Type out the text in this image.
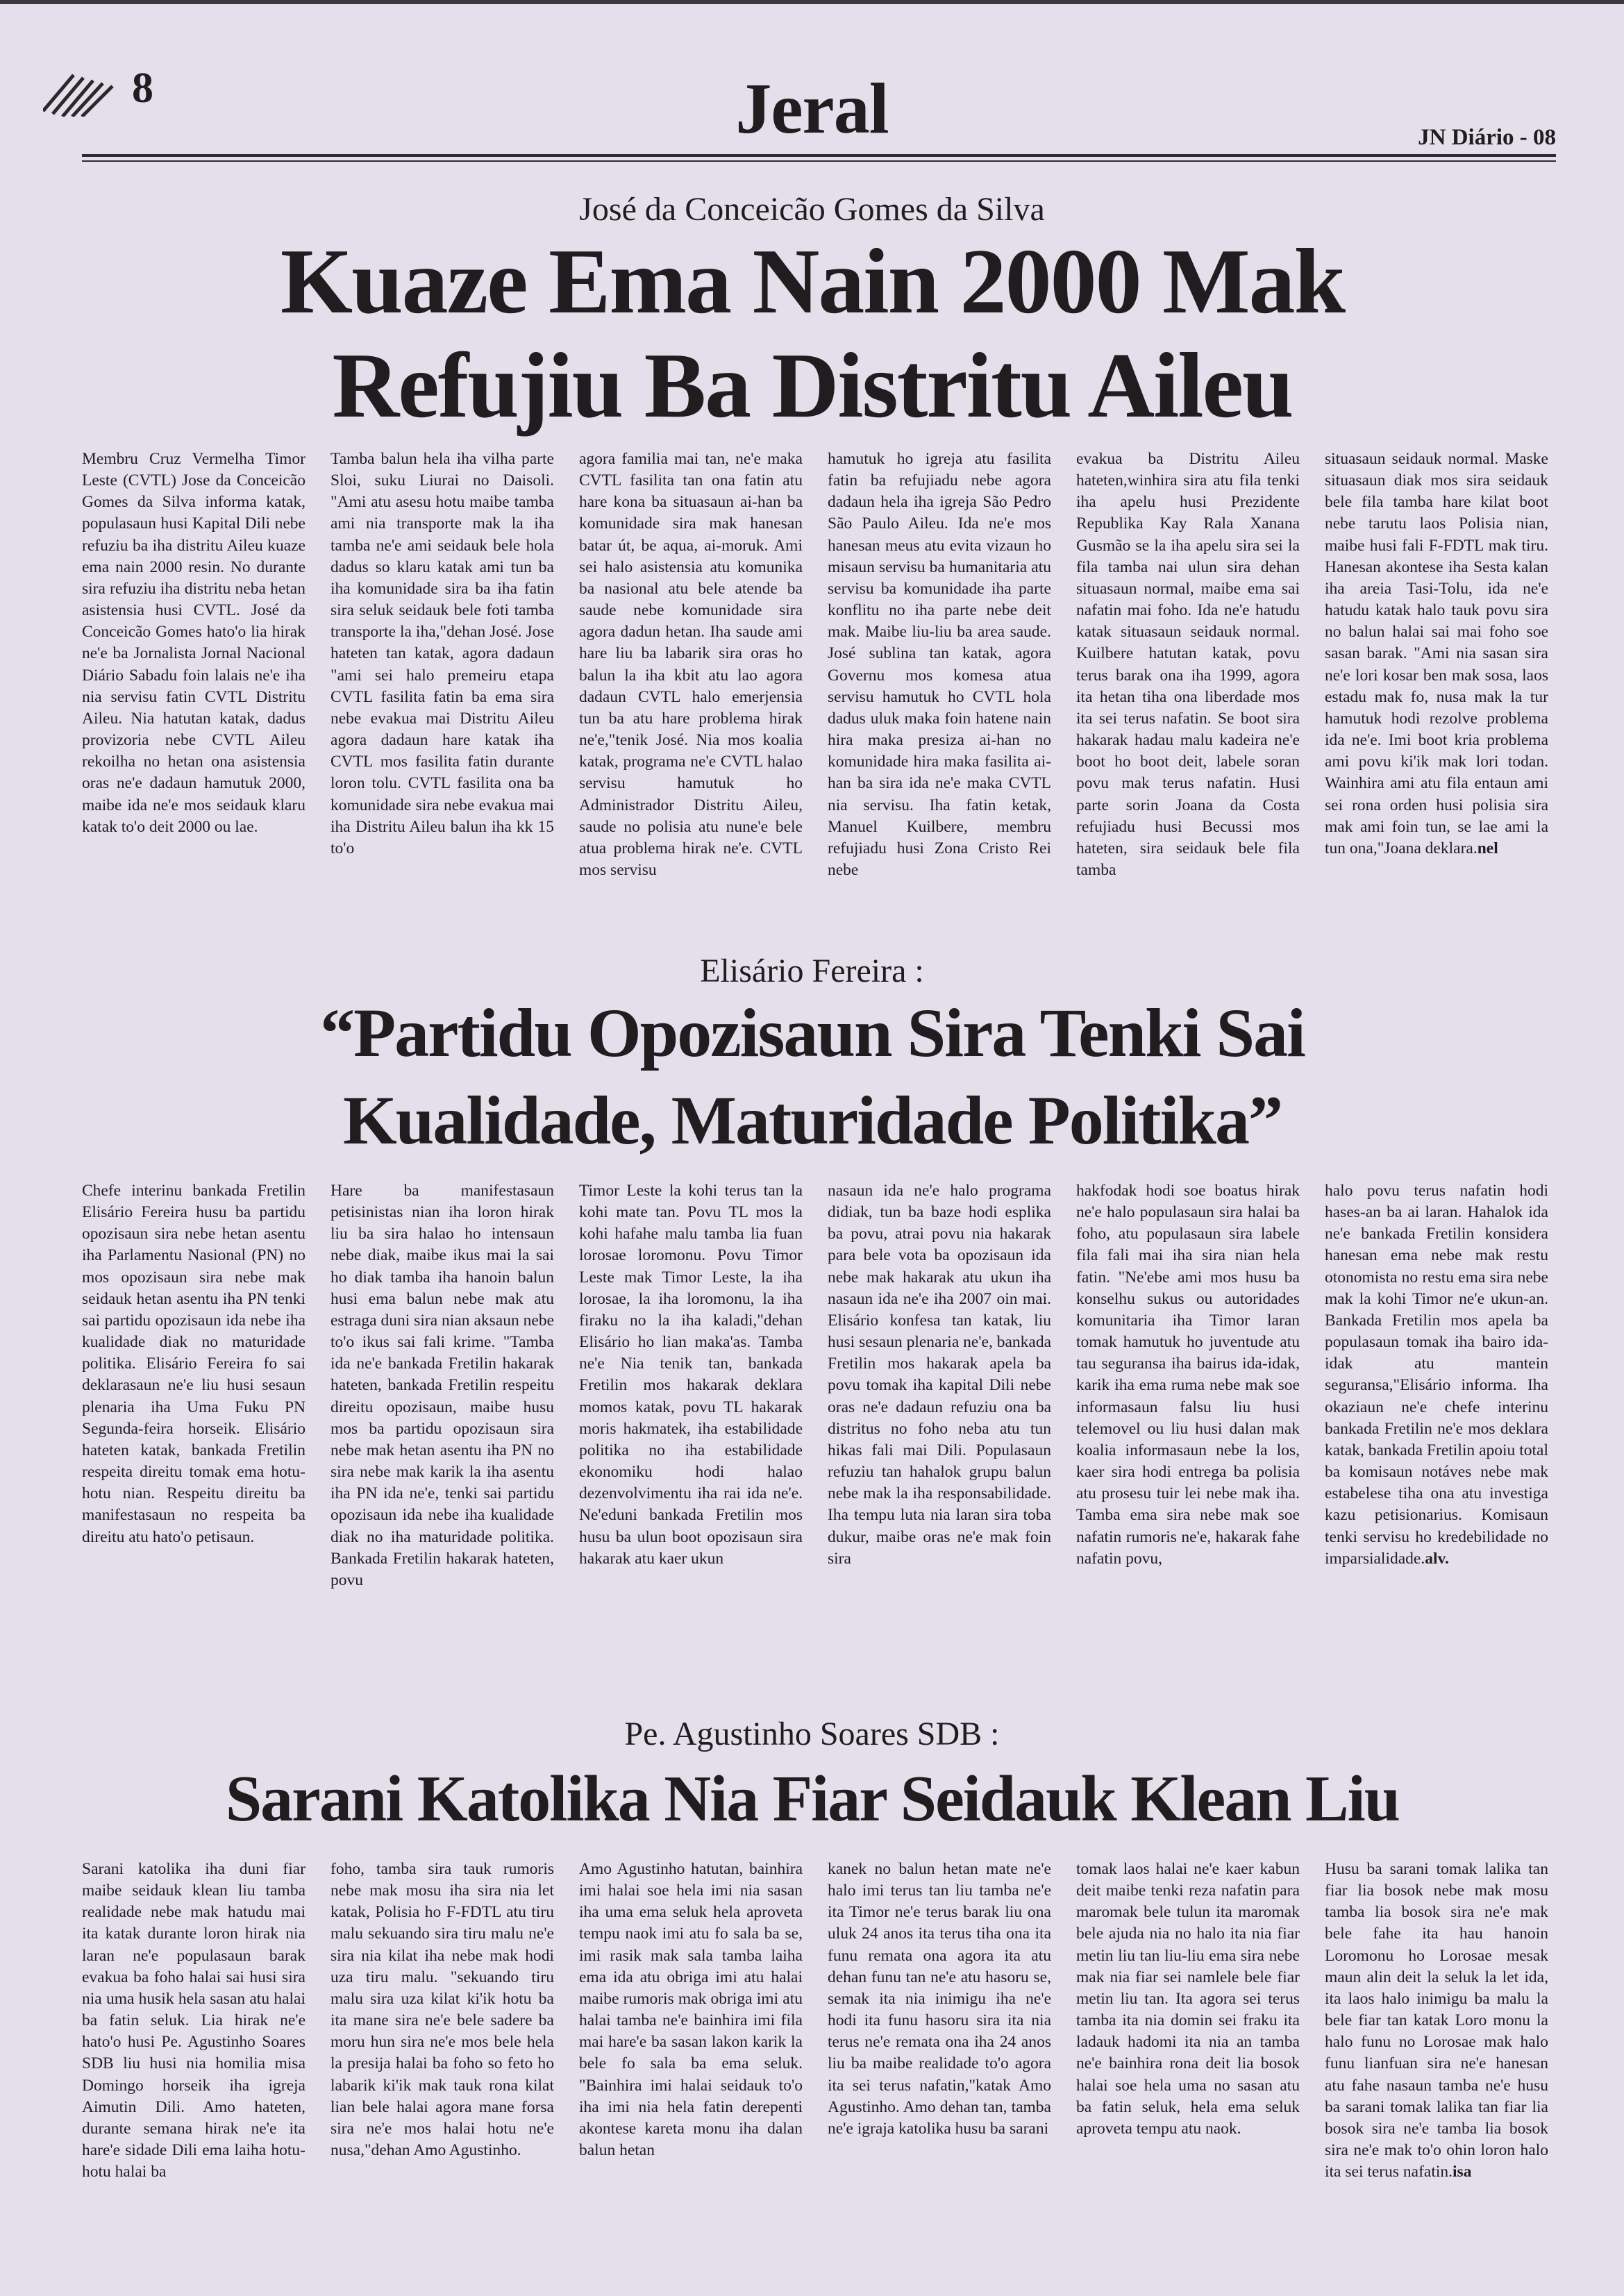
8	Jeral	JN Diário - 08
José da Conceicão Gomes da Silva
Kuaze Ema Nain 2000 Mak
Refujiu Ba Distritu Aileu

Membru Cruz Vermelha Timor Leste (CVTL) Jose da Conceicão Gomes da Silva informa katak, populasaun husi Kapital Dili nebe refuziu ba iha distritu Aileu kuaze ema nain 2000 resin. No durante sira refuziu iha distritu neba hetan asistensia husi CVTL. José da Conceicão Gomes hato'o lia hirak ne'e ba Jornalista Jornal Nacional Diário Sabadu foin lalais ne'e iha nia servisu fatin CVTL Distritu Aileu. Nia hatutan katak, dadus provizoria nebe CVTL Aileu rekoilha no hetan ona asistensia oras ne'e dadaun hamutuk 2000, maibe ida ne'e mos seidauk klaru katak to'o deit 2000 ou lae.

Tamba balun hela iha vilha parte Sloi, suku Liurai no Daisoli. "Ami atu asesu hotu maibe tamba ami nia transporte mak la iha tamba ne'e ami seidauk bele hola dadus so klaru katak ami tun ba iha komunidade sira ba iha fatin sira seluk seidauk bele foti tamba transporte la iha,"dehan José. Jose hateten tan katak, agora dadaun "ami sei halo premeiru etapa CVTL fasilita fatin ba ema sira nebe evakua mai Distritu Aileu agora dadaun hare katak iha CVTL mos fasilita fatin durante loron tolu. CVTL fasilita ona ba komunidade sira nebe evakua mai iha Distritu Aileu balun iha kk 15 to'o

agora familia mai tan, ne'e maka CVTL fasilita tan ona fatin atu hare kona ba situasaun ai-han ba komunidade sira mak hanesan batar út, be aqua, ai-moruk. Ami sei halo asistensia atu komunika ba nasional atu bele atende ba saude nebe komunidade sira agora dadun hetan. Iha saude ami hare liu ba labarik sira oras ho balun la iha kbit atu lao agora dadaun CVTL halo emerjensia tun ba atu hare problema hirak ne'e,"tenik José. Nia mos koalia katak, programa ne'e CVTL halao servisu hamutuk ho Administrador Distritu Aileu, saude no polisia atu nune'e bele atua problema hirak ne'e. CVTL mos servisu

hamutuk ho igreja atu fasilita fatin ba refujiadu nebe agora dadaun hela iha igreja São Pedro São Paulo Aileu. Ida ne'e mos hanesan meus atu evita vizaun ho misaun servisu ba humanitaria atu servisu ba komunidade iha parte konflitu no iha parte nebe deit mak. Maibe liu-liu ba area saude. José sublina tan katak, agora Governu mos komesa atua servisu hamutuk ho CVTL hola dadus uluk maka foin hatene nain hira maka presiza ai-han no komunidade hira maka fasilita ai-han ba sira ida ne'e maka CVTL nia servisu. Iha fatin ketak, Manuel Kuilbere, membru refujiadu husi Zona Cristo Rei nebe

evakua ba Distritu Aileu hateten,winhira sira atu fila tenki iha apelu husi Prezidente Republika Kay Rala Xanana Gusmão se la iha apelu sira sei la fila tamba nai ulun sira dehan situasaun normal, maibe ema sai nafatin mai foho. Ida ne'e hatudu katak situasaun seidauk normal. Kuilbere hatutan katak, povu terus barak ona iha 1999, agora ita hetan tiha ona liberdade mos ita sei terus nafatin. Se boot sira hakarak hadau malu kadeira ne'e boot ho boot deit, labele soran povu mak terus nafatin. Husi parte sorin Joana da Costa refujiadu husi Becussi mos hateten, sira seidauk bele fila tamba

situasaun seidauk normal. Maske situasaun diak mos sira seidauk bele fila tamba hare kilat boot nebe tarutu laos Polisia nian, maibe husi fali F-FDTL mak tiru. Hanesan akontese iha Sesta kalan iha areia Tasi-Tolu, ida ne'e hatudu katak halo tauk povu sira no balun halai sai mai foho soe sasan barak. "Ami nia sasan sira ne'e lori kosar ben mak sosa, laos estadu mak fo, nusa mak la tur hamutuk hodi rezolve problema ida ne'e. Imi boot kria problema ami povu ki'ik mak lori todan. Wainhira ami atu fila entaun ami sei rona orden husi polisia sira mak ami foin tun, se lae ami la tun ona,"Joana deklara.nel

Elisário Fereira :
“Partidu Opozisaun Sira Tenki Sai
Kualidade, Maturidade Politika”

Chefe interinu bankada Fretilin Elisário Fereira husu ba partidu opozisaun sira nebe hetan asentu iha Parlamentu Nasional (PN) no mos opozisaun sira nebe mak seidauk hetan asentu iha PN tenki sai partidu opozisaun ida nebe iha kualidade diak no maturidade politika. Elisário Fereira fo sai deklarasaun ne'e liu husi sesaun plenaria iha Uma Fuku PN Segunda-feira horseik. Elisário hateten katak, bankada Fretilin respeita direitu tomak ema hotu-hotu nian. Respeitu direitu ba manifestasaun no respeita ba direitu atu hato'o petisaun.

Hare ba manifestasaun petisinistas nian iha loron hirak liu ba sira halao ho intensaun nebe diak, maibe ikus mai la sai ho diak tamba iha hanoin balun husi ema balun nebe mak atu estraga duni sira nian aksaun nebe to'o ikus sai fali krime. "Tamba ida ne'e bankada Fretilin hakarak hateten, bankada Fretilin respeitu direitu opozisaun, maibe husu mos ba partidu opozisaun sira nebe mak hetan asentu iha PN no sira nebe mak karik la iha asentu iha PN ida ne'e, tenki sai partidu opozisaun ida nebe iha kualidade diak no iha maturidade politika. Bankada Fretilin hakarak hateten, povu

Timor Leste la kohi terus tan la kohi mate tan. Povu TL mos la kohi hafahe malu tamba lia fuan lorosae loromonu. Povu Timor Leste mak Timor Leste, la iha lorosae, la iha loromonu, la iha firaku no la iha kaladi,"dehan Elisário ho lian maka'as. Tamba ne'e Nia tenik tan, bankada Fretilin mos hakarak deklara momos katak, povu TL hakarak moris hakmatek, iha estabilidade politika no iha estabilidade ekonomiku hodi halao dezenvolvimentu iha rai ida ne'e. Ne'eduni bankada Fretilin mos husu ba ulun boot opozisaun sira hakarak atu kaer ukun

nasaun ida ne'e halo programa didiak, tun ba baze hodi esplika ba povu, atrai povu nia hakarak para bele vota ba opozisaun ida nebe mak hakarak atu ukun iha nasaun ida ne'e iha 2007 oin mai. Elisário konfesa tan katak, liu husi sesaun plenaria ne'e, bankada Fretilin mos hakarak apela ba povu tomak iha kapital Dili nebe oras ne'e dadaun refuziu ona ba distritus no foho neba atu tun hikas fali mai Dili. Populasaun refuziu tan hahalok grupu balun nebe mak la iha responsabilidade. Iha tempu luta nia laran sira toba dukur, maibe oras ne'e mak foin sira

hakfodak hodi soe boatus hirak ne'e halo populasaun sira halai ba foho, atu populasaun sira labele fila fali mai iha sira nian hela fatin. "Ne'ebe ami mos husu ba konselhu sukus ou autoridades komunitaria iha Timor laran tomak hamutuk ho juventude atu tau seguransa iha bairus ida-idak, karik iha ema ruma nebe mak soe informasaun falsu liu husi telemovel ou liu husi dalan mak koalia informasaun nebe la los, kaer sira hodi entrega ba polisia atu prosesu tuir lei nebe mak iha. Tamba ema sira nebe mak soe nafatin rumoris ne'e, hakarak fahe nafatin povu,

halo povu terus nafatin hodi hases-an ba ai laran. Hahalok ida ne'e bankada Fretilin konsidera hanesan ema nebe mak restu otonomista no restu ema sira nebe mak la kohi Timor ne'e ukun-an. Bankada Fretilin mos apela ba populasaun tomak iha bairo ida-idak atu mantein seguransa,"Elisário informa. Iha okaziaun ne'e chefe interinu bankada Fretilin ne'e mos deklara katak, bankada Fretilin apoiu total ba komisaun notáves nebe mak estabelese tiha ona atu investiga kazu petisionarius. Komisaun tenki servisu ho kredebilidade no imparsialidade.alv.

Pe. Agustinho Soares SDB :
Sarani Katolika Nia Fiar Seidauk Klean Liu

Sarani katolika iha duni fiar maibe seidauk klean liu tamba realidade nebe mak hatudu mai ita katak durante loron hirak nia laran ne'e populasaun barak evakua ba foho halai sai husi sira nia uma husik hela sasan atu halai ba fatin seluk. Lia hirak ne'e hato'o husi Pe. Agustinho Soares SDB liu husi nia homilia misa Domingo horseik iha igreja Aimutin Dili. Amo hateten, durante semana hirak ne'e ita hare'e sidade Dili ema laiha hotu-hotu halai ba

foho, tamba sira tauk rumoris nebe mak mosu iha sira nia let katak, Polisia ho F-FDTL atu tiru malu sekuando sira tiru malu ne'e sira nia kilat iha nebe mak hodi uza tiru malu. "sekuando tiru malu sira uza kilat ki'ik hotu ba ita mane sira ne'e bele sadere ba moru hun sira ne'e mos bele hela la presija halai ba foho so feto ho labarik ki'ik mak tauk rona kilat lian bele halai agora mane forsa sira ne'e mos halai hotu ne'e nusa,"dehan Amo Agustinho.

Amo Agustinho hatutan, bainhira imi halai soe hela imi nia sasan iha uma ema seluk hela aproveta tempu naok imi atu fo sala ba se, imi rasik mak sala tamba laiha ema ida atu obriga imi atu halai maibe rumoris mak obriga imi atu halai tamba ne'e bainhira imi fila mai hare'e ba sasan lakon karik la bele fo sala ba ema seluk. "Bainhira imi halai seidauk to'o iha imi nia hela fatin derepenti akontese kareta monu iha dalan balun hetan

kanek no balun hetan mate ne'e halo imi terus tan liu tamba ne'e ita Timor ne'e terus barak liu ona uluk 24 anos ita terus tiha ona ita funu remata ona agora ita atu dehan funu tan ne'e atu hasoru se, semak ita nia inimigu iha ne'e hodi ita funu hasoru sira ita nia terus ne'e remata ona iha 24 anos liu ba maibe realidade to'o agora ita sei terus nafatin,"katak Amo Agustinho. Amo dehan tan, tamba ne'e igraja katolika husu ba sarani

tomak laos halai ne'e kaer kabun deit maibe tenki reza nafatin para maromak bele tulun ita maromak bele ajuda nia no halo ita nia fiar metin liu tan liu-liu ema sira nebe mak nia fiar sei namlele bele fiar metin liu tan. Ita agora sei terus tamba ita nia domin sei fraku ita ladauk hadomi ita nia an tamba ne'e bainhira rona deit lia bosok halai soe hela uma no sasan atu ba fatin seluk, hela ema seluk aproveta tempu atu naok.

Husu ba sarani tomak lalika tan fiar lia bosok nebe mak mosu tamba lia bosok sira ne'e mak bele fahe ita hau hanoin Loromonu ho Lorosae mesak maun alin deit la seluk la let ida, ita laos halo inimigu ba malu la bele fiar tan katak Loro monu la halo funu no Lorosae mak halo funu lianfuan sira ne'e hanesan atu fahe nasaun tamba ne'e husu ba sarani tomak lalika tan fiar lia bosok sira ne'e tamba lia bosok sira ne'e mak to'o ohin loron halo ita sei terus nafatin.isa
